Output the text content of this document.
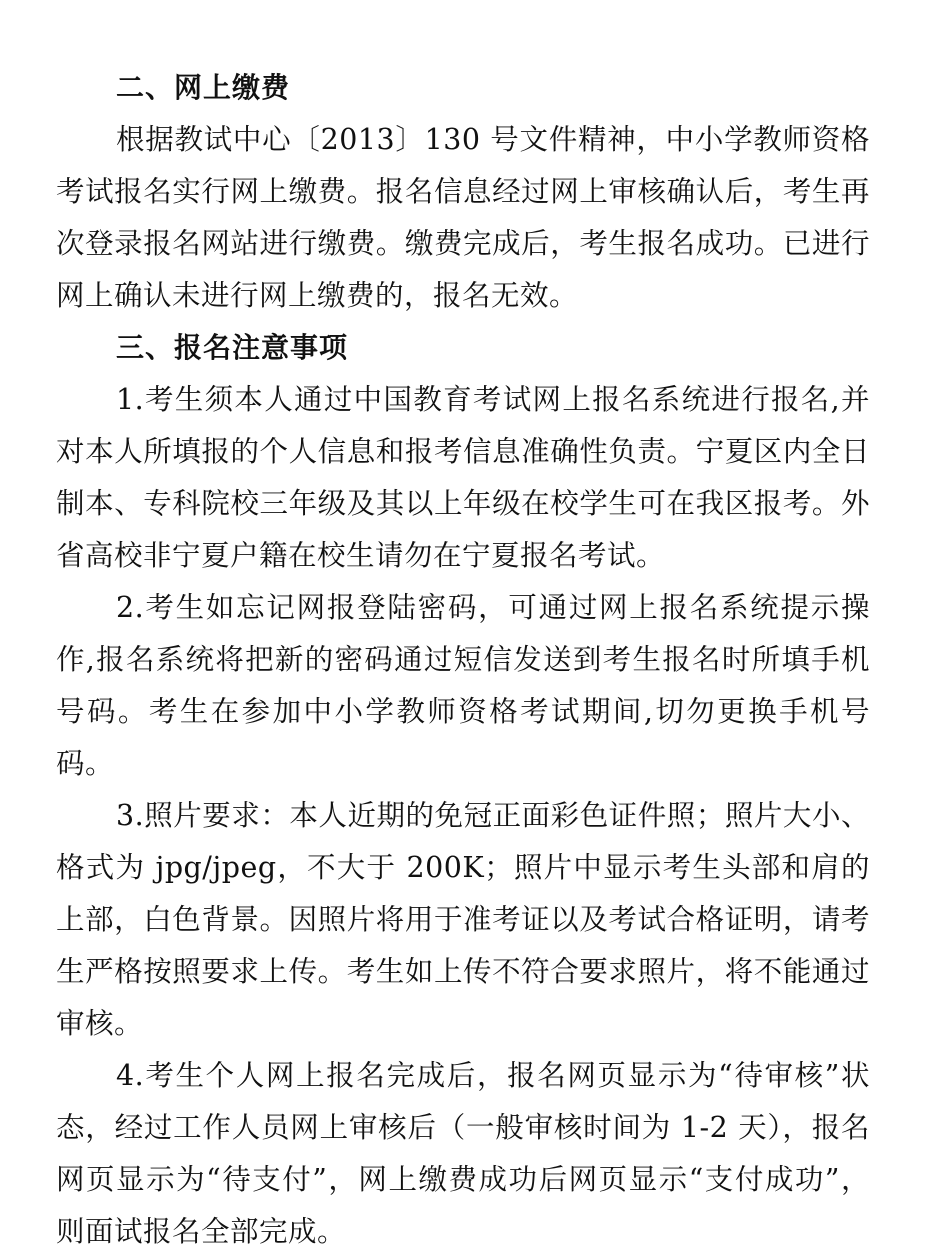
二、网上缴费

根据教试中心〔2013〕130 号文件精神，中小学教师资格考试报名实行网上缴费。报名信息经过网上审核确认后，考生再次登录报名网站进行缴费。缴费完成后，考生报名成功。已进行网上确认未进行网上缴费的，报名无效。

三、报名注意事项

1.考生须本人通过中国教育考试网上报名系统进行报名,并对本人所填报的个人信息和报考信息准确性负责。宁夏区内全日制本、专科院校三年级及其以上年级在校学生可在我区报考。外省高校非宁夏户籍在校生请勿在宁夏报名考试。

2.考生如忘记网报登陆密码，可通过网上报名系统提示操作,报名系统将把新的密码通过短信发送到考生报名时所填手机号码。考生在参加中小学教师资格考试期间,切勿更换手机号码。

3.照片要求：本人近期的免冠正面彩色证件照；照片大小、格式为 jpg/jpeg，不大于 200K；照片中显示考生头部和肩的上部，白色背景。因照片将用于准考证以及考试合格证明，请考生严格按照要求上传。考生如上传不符合要求照片，将不能通过审核。

4.考生个人网上报名完成后，报名网页显示为“待审核”状态，经过工作人员网上审核后（一般审核时间为 1-2 天），报名网页显示为“待支付”，网上缴费成功后网页显示“支付成功”，则面试报名全部完成。
